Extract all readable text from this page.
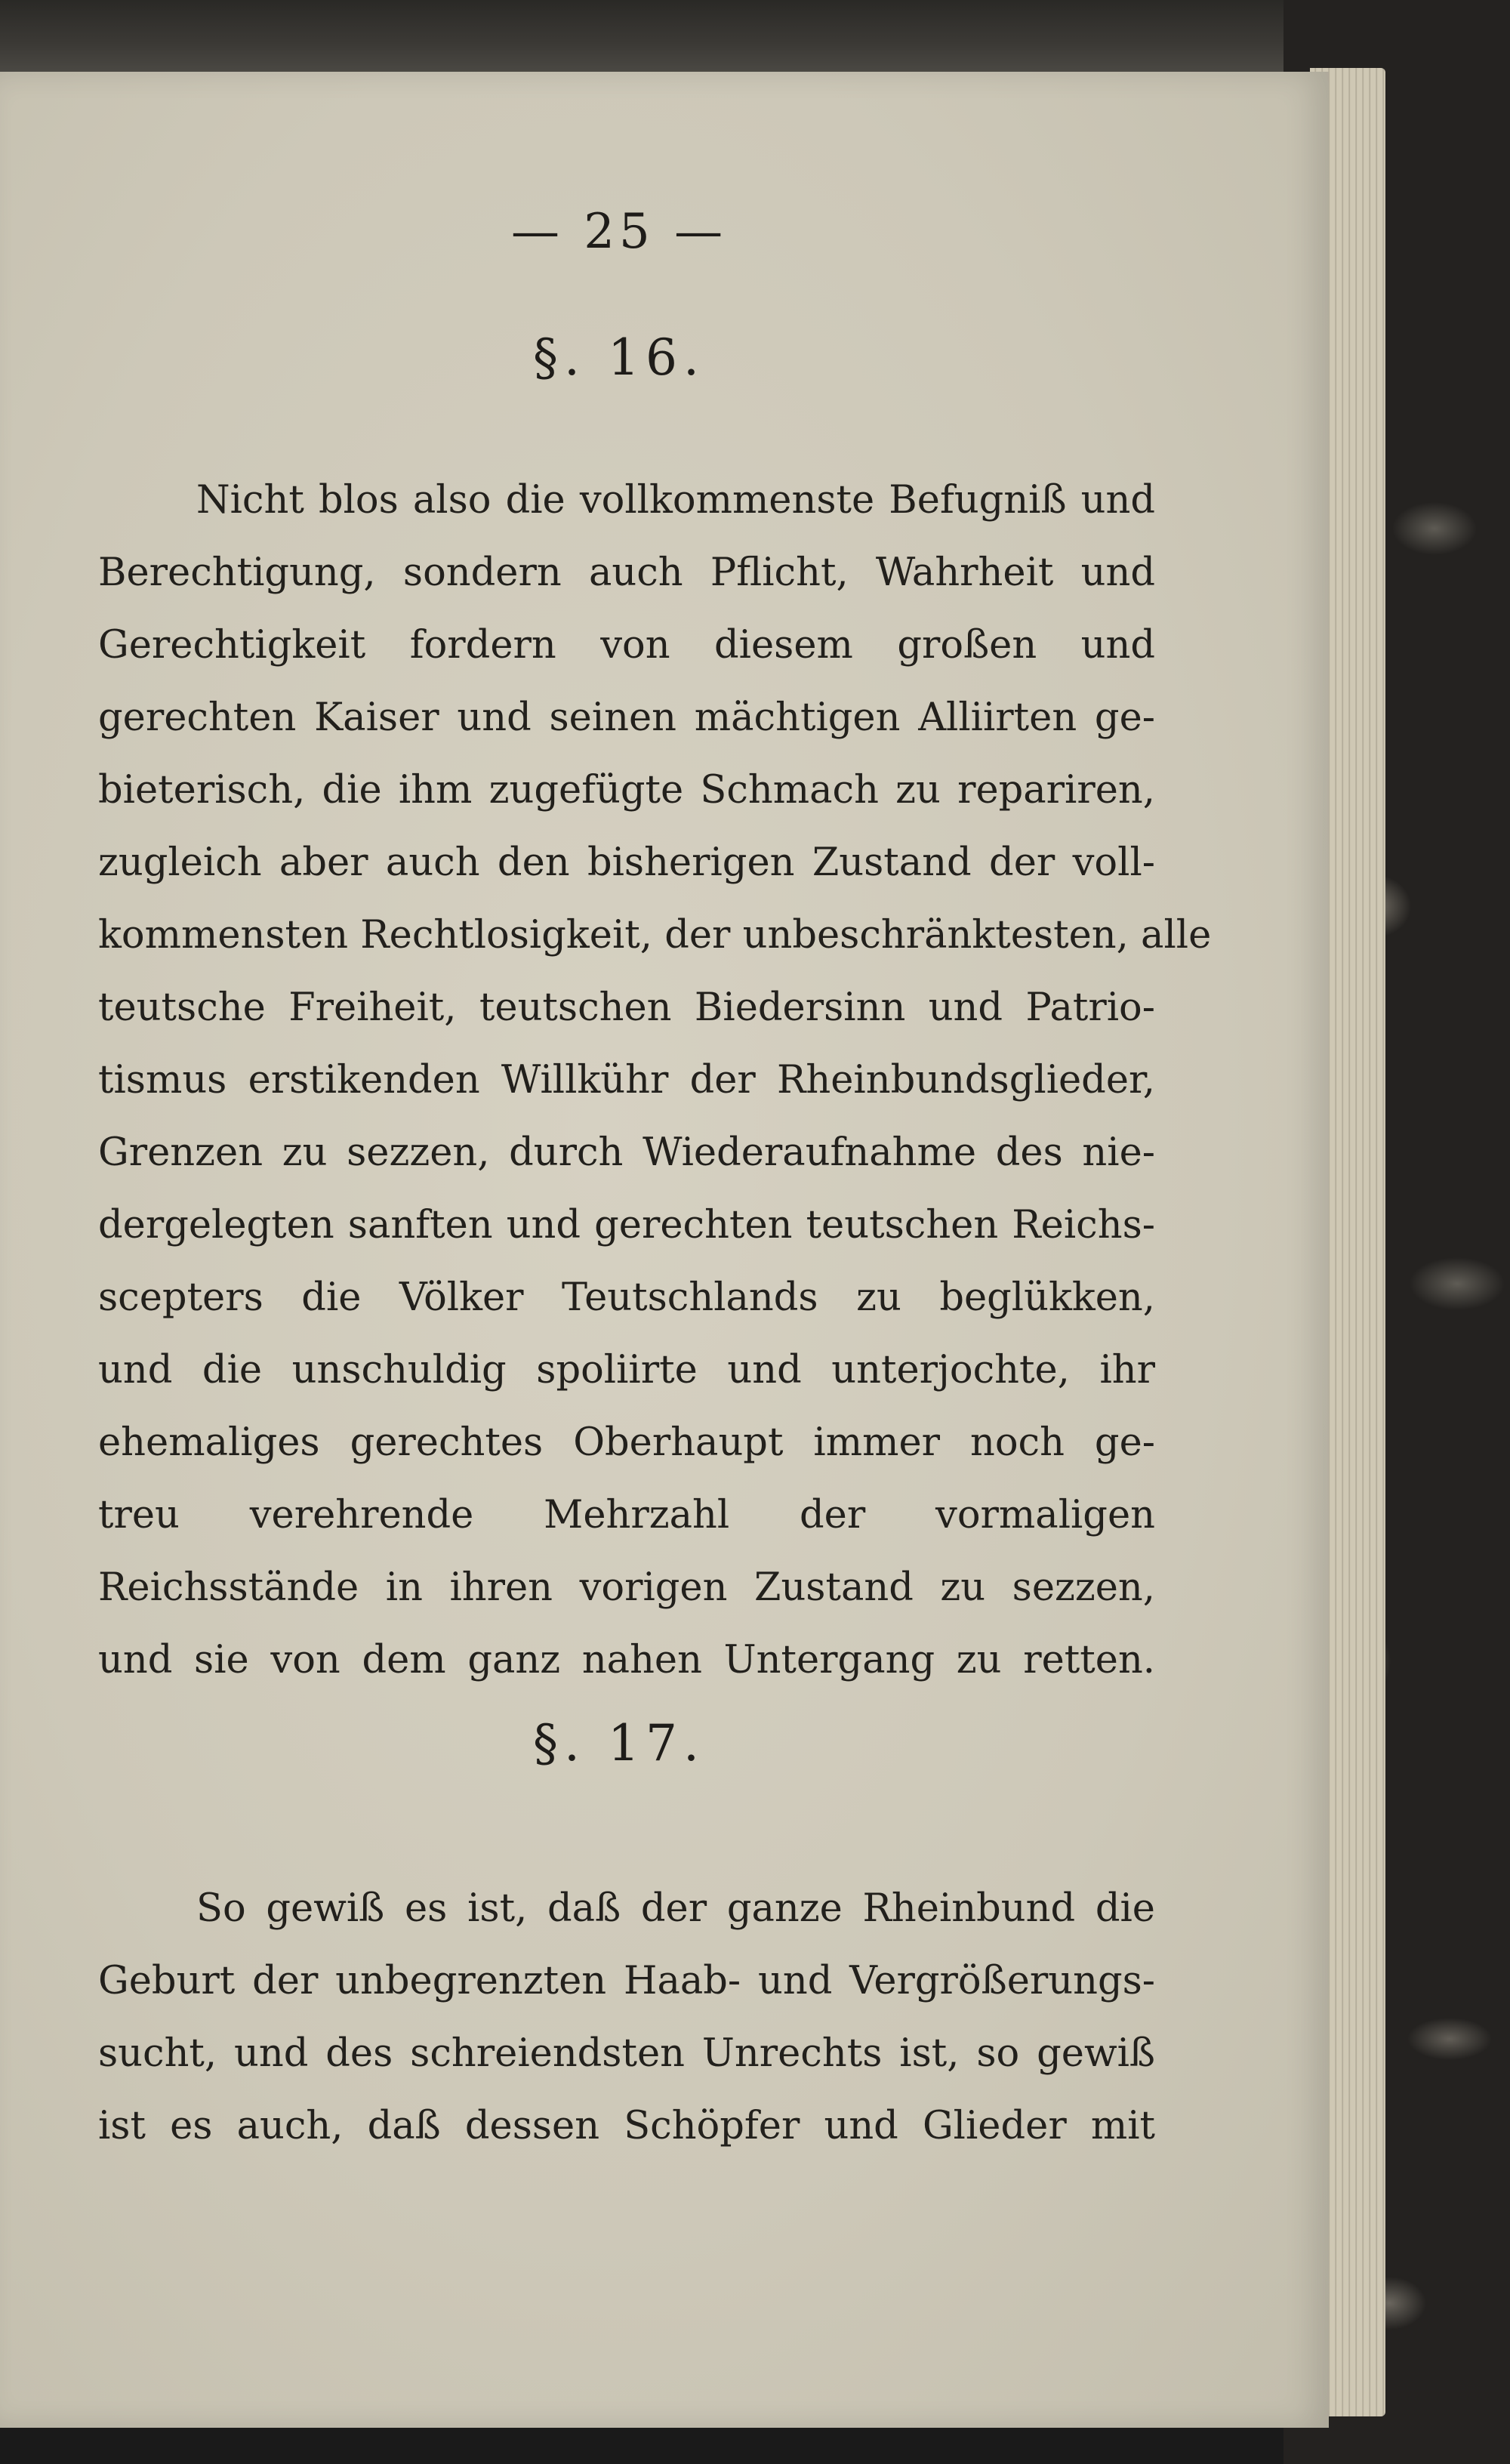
— 25 —
§. 16.
Nicht blos also die vollkommenste Befugniß und
Berechtigung, sondern auch Pflicht, Wahrheit und
Gerechtigkeit fordern von diesem großen und
gerechten Kaiser und seinen mächtigen Alliirten ge-
bieterisch, die ihm zugefügte Schmach zu repariren,
zugleich aber auch den bisherigen Zustand der voll-
kommensten Rechtlosigkeit, der unbeschränktesten, alle
teutsche Freiheit, teutschen Biedersinn und Patrio-
tismus erstikenden Willkühr der Rheinbundsglieder,
Grenzen zu sezzen, durch Wiederaufnahme des nie-
dergelegten sanften und gerechten teutschen Reichs-
scepters die Völker Teutschlands zu beglükken,
und die unschuldig spoliirte und unterjochte, ihr
ehemaliges gerechtes Oberhaupt immer noch ge-
treu verehrende Mehrzahl der vormaligen
Reichsstände in ihren vorigen Zustand zu sezzen,
und sie von dem ganz nahen Untergang zu retten.
§. 17.
So gewiß es ist, daß der ganze Rheinbund die
Geburt der unbegrenzten Haab- und Vergrößerungs-
sucht, und des schreiendsten Unrechts ist, so gewiß
ist es auch, daß dessen Schöpfer und Glieder mit
